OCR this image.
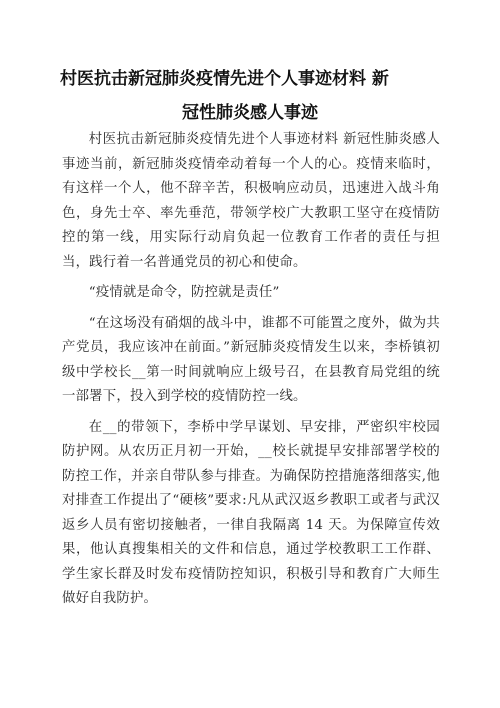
村医抗击新冠肺炎疫情先进个人事迹材料 新
冠性肺炎感人事迹

村医抗击新冠肺炎疫情先进个人事迹材料 新冠性肺炎感人事迹当前，新冠肺炎疫情牵动着每一个人的心。疫情来临时，有这样一个人，他不辞辛苦，积极响应动员，迅速进入战斗角色，身先士卒、率先垂范，带领学校广大教职工坚守在疫情防控的第一线，用实际行动肩负起一位教育工作者的责任与担当，践行着一名普通党员的初心和使命。

“疫情就是命令，防控就是责任”

“在这场没有硝烟的战斗中，谁都不可能置之度外，做为共产党员，我应该冲在前面。”新冠肺炎疫情发生以来，李桥镇初级中学校长__第一时间就响应上级号召，在县教育局党组的统一部署下，投入到学校的疫情防控一线。

在__的带领下，李桥中学早谋划、早安排，严密织牢校园防护网。从农历正月初一开始，__校长就提早安排部署学校的防控工作，并亲自带队参与排查。为确保防控措施落细落实,他对排查工作提出了“硬核”要求:凡从武汉返乡教职工或者与武汉返乡人员有密切接触者，一律自我隔离 14 天。为保障宣传效果，他认真搜集相关的文件和信息，通过学校教职工工作群、学生家长群及时发布疫情防控知识，积极引导和教育广大师生做好自我防护。
